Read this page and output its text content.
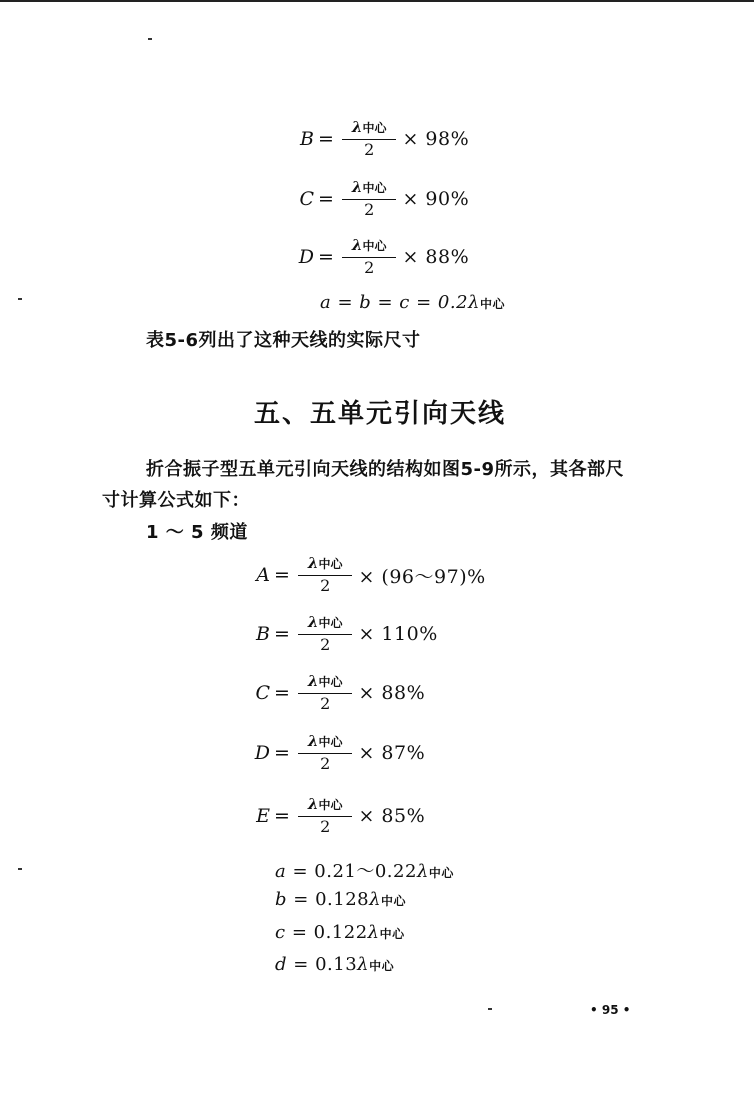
$B = \frac{\text{λ中心}}{2} \times 98\%$
$C = \frac{\text{λ中心}}{2} \times 90\%$
$D = \frac{\text{λ中心}}{2} \times 88\%$
a = b = c = 0.2λ中心
表5-6列出了这种天线的实际尺寸
五、五单元引向天线
折合振子型五单元引向天线的结构如图5-9所示，其各部尺
寸计算公式如下：
1 ～ 5 频道
$A = \frac{\text{λ中心}}{2}$ × (96～97)%
$B = \frac{\text{λ中心}}{2} \times 110\%$
$C = \frac{\text{λ中心}}{2} \times 88\%$
$D = \frac{\text{λ中心}}{2} \times 87\%$
$E = \frac{\text{λ中心}}{2} \times 85\%$
a = 0.21～0.22λ中心
b = 0.128λ中心
c = 0.122λ中心
d = 0.13λ中心
• 95 •
